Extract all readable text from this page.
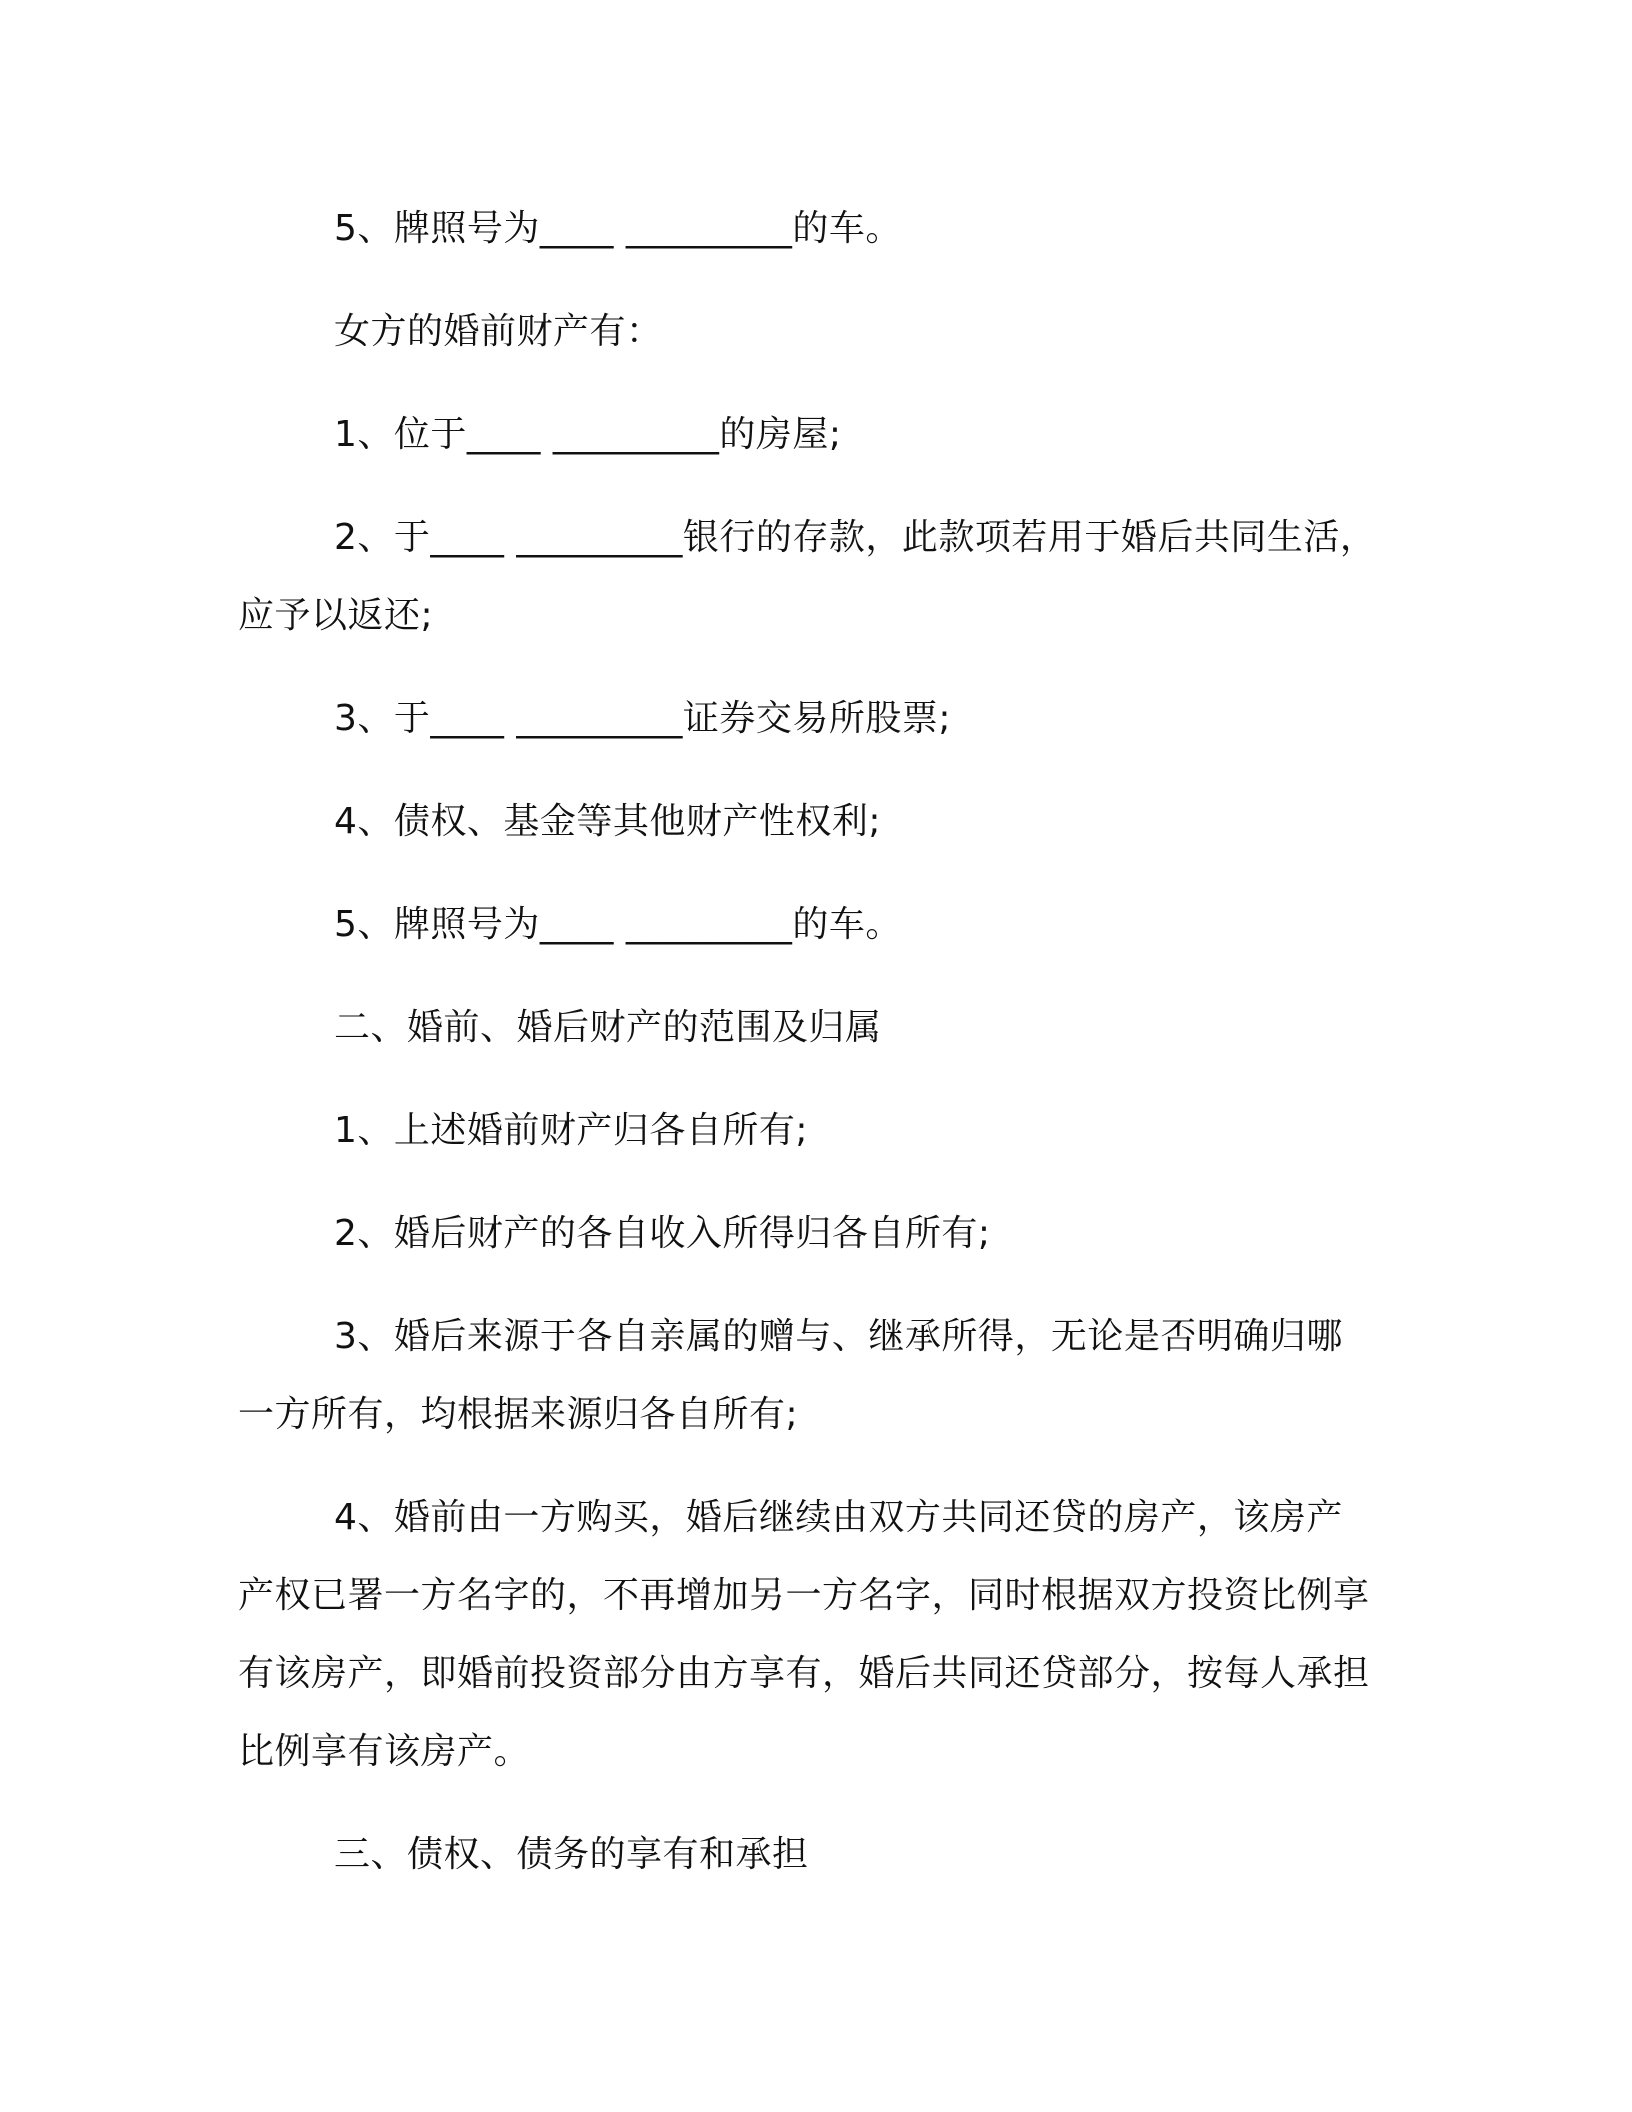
5、牌照号为____ _________的车。

女方的婚前财产有：

1、位于____ _________的房屋;

2、于____ _________银行的存款，此款项若用于婚后共同生活，应予以返还;

3、于____ _________证券交易所股票;

4、债权、基金等其他财产性权利;

5、牌照号为____ _________的车。

二、婚前、婚后财产的范围及归属

1、上述婚前财产归各自所有;

2、婚后财产的各自收入所得归各自所有;

3、婚后来源于各自亲属的赠与、继承所得，无论是否明确归哪一方所有，均根据来源归各自所有;

4、婚前由一方购买，婚后继续由双方共同还贷的房产，该房产产权已署一方名字的，不再增加另一方名字，同时根据双方投资比例享有该房产，即婚前投资部分由方享有，婚后共同还贷部分，按每人承担比例享有该房产。

三、债权、债务的享有和承担
